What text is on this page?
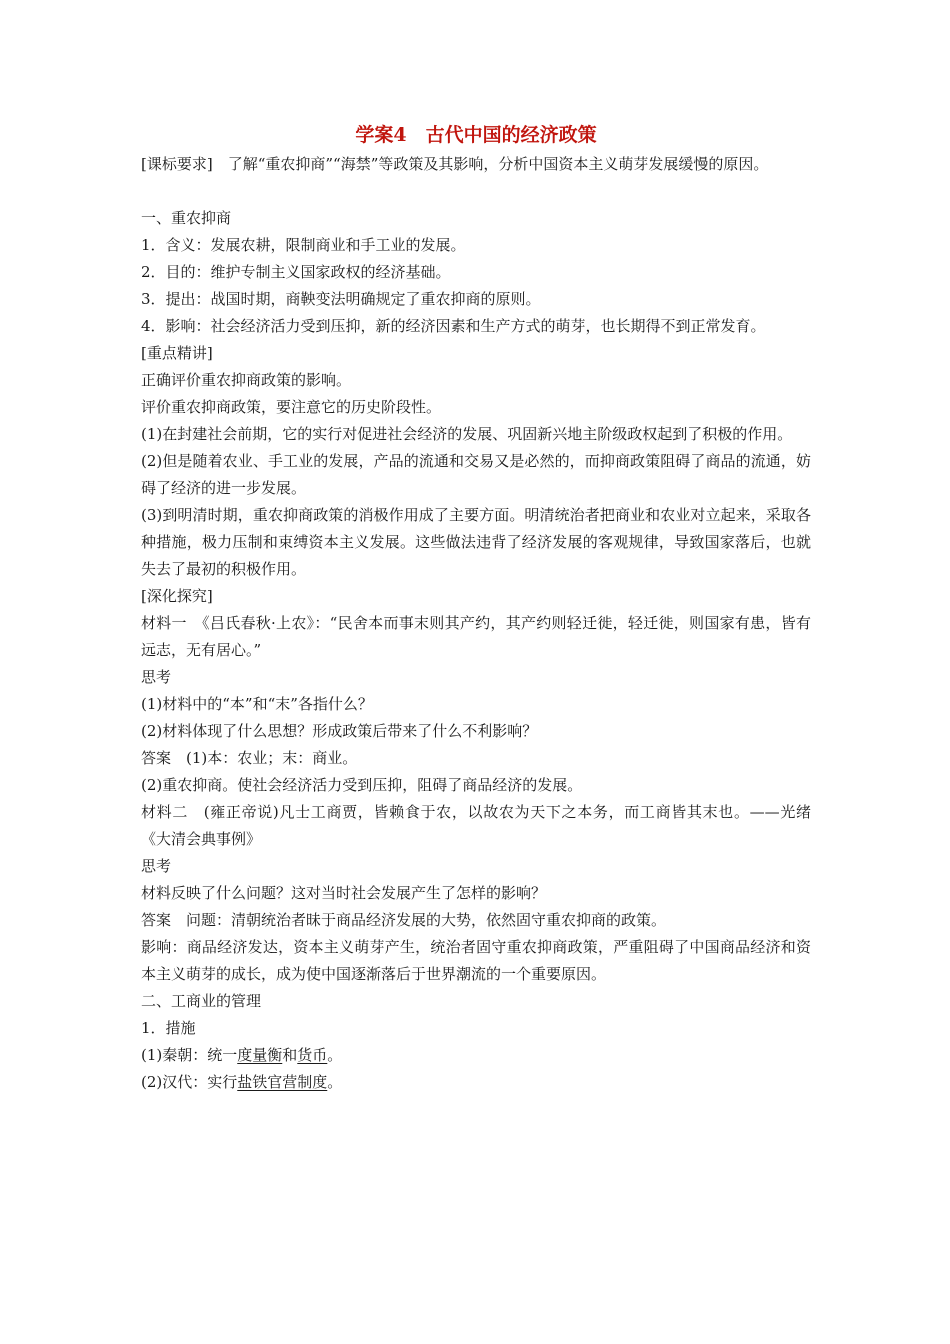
学案4　古代中国的经济政策

[课标要求]　了解“重农抑商”“海禁”等政策及其影响，分析中国资本主义萌芽发展缓慢的原因。

一、重农抑商

1．含义：发展农耕，限制商业和手工业的发展。

2．目的：维护专制主义国家政权的经济基础。

3．提出：战国时期，商鞅变法明确规定了重农抑商的原则。

4．影响：社会经济活力受到压抑，新的经济因素和生产方式的萌芽，也长期得不到正常发育。

[重点精讲]

正确评价重农抑商政策的影响。

评价重农抑商政策，要注意它的历史阶段性。

(1)在封建社会前期，它的实行对促进社会经济的发展、巩固新兴地主阶级政权起到了积极的作用。

(2)但是随着农业、手工业的发展，产品的流通和交易又是必然的，而抑商政策阻碍了商品的流通，妨碍了经济的进一步发展。

(3)到明清时期，重农抑商政策的消极作用成了主要方面。明清统治者把商业和农业对立起来，采取各种措施，极力压制和束缚资本主义发展。这些做法违背了经济发展的客观规律，导致国家落后，也就失去了最初的积极作用。

[深化探究]

材料一　《吕氏春秋·上农》：“民舍本而事末则其产约，其产约则轻迁徙，轻迁徙，则国家有患，皆有远志，无有居心。”

思考

(1)材料中的“本”和“末”各指什么？

(2)材料体现了什么思想？形成政策后带来了什么不利影响？

答案　(1)本：农业；末：商业。

(2)重农抑商。使社会经济活力受到压抑，阻碍了商品经济的发展。

材料二　(雍正帝说)凡士工商贾，皆赖食于农，以故农为天下之本务，而工商皆其末也。——光绪《大清会典事例》

思考

材料反映了什么问题？这对当时社会发展产生了怎样的影响？

答案　问题：清朝统治者昧于商品经济发展的大势，依然固守重农抑商的政策。

影响：商品经济发达，资本主义萌芽产生，统治者固守重农抑商政策，严重阻碍了中国商品经济和资本主义萌芽的成长，成为使中国逐渐落后于世界潮流的一个重要原因。

二、工商业的管理

1．措施

(1)秦朝：统一度量衡和货币。

(2)汉代：实行盐铁官营制度。
